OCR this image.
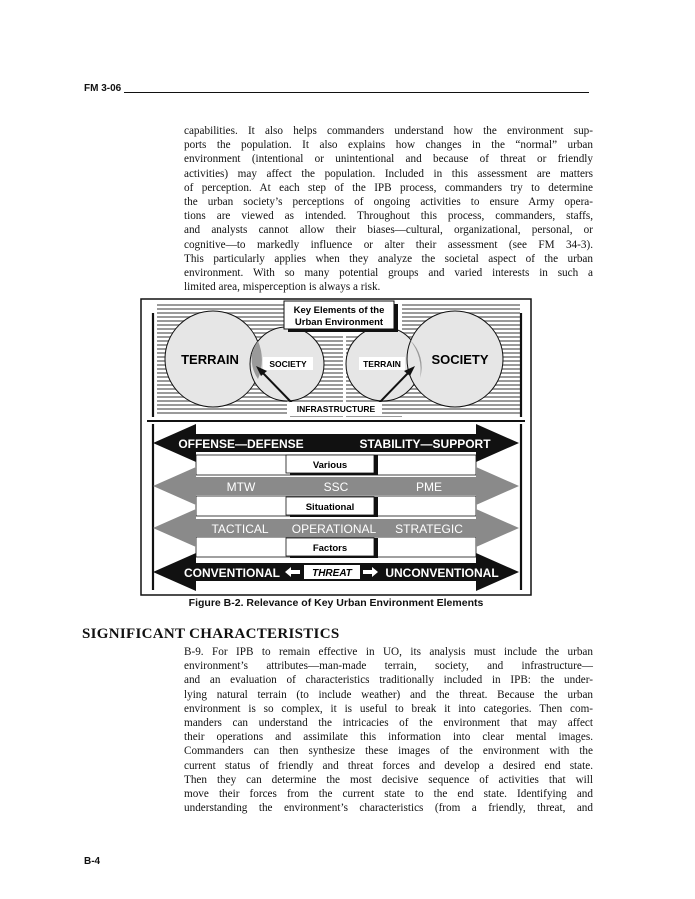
FM 3-06
capabilities. It also helps commanders understand how the environment sup-
ports the population. It also explains how changes in the “normal” urban
environment (intentional or unintentional and because of threat or friendly
activities) may affect the population. Included in this assessment are matters
of perception. At each step of the IPB process, commanders try to determine
the urban society’s perceptions of ongoing activities to ensure Army opera-
tions are viewed as intended. Throughout this process, commanders, staffs,
and analysts cannot allow their biases—cultural, organizational, personal, or
cognitive—to markedly influence or alter their assessment (see FM 34-3).
This particularly applies when they analyze the societal aspect of the urban
environment. With so many potential groups and varied interests in such a
limited area, misperception is always a risk.
Key Elements of the
Urban Environment
TERRAIN	SOCIETY	TERRAIN SOCIETY
INFRASTRUCTURE
OFFENSE—DEFENSE	STABILITY—SUPPORT
Various
MTW	SSC	PME
Situational
TACTICAL OPERATIONAL STRATEGIC
Factors
CONVENTIONAL	UNCONVENTIONAL
THREAT
Figure B-2. Relevance of Key Urban Environment Elements
SIGNIFICANT CHARACTERISTICS
B-9. For IPB to remain effective in UO, its analysis must include the urban
environment’s attributes—man-made terrain, society, and infrastructure—
and an evaluation of characteristics traditionally included in IPB: the under-
lying natural terrain (to include weather) and the threat. Because the urban
environment is so complex, it is useful to break it into categories. Then com-
manders can understand the intricacies of the environment that may affect
their operations and assimilate this information into clear mental images.
Commanders can then synthesize these images of the environment with the
current status of friendly and threat forces and develop a desired end state.
Then they can determine the most decisive sequence of activities that will
move their forces from the current state to the end state. Identifying and
understanding the environment’s characteristics (from a friendly, threat, and
B-4
